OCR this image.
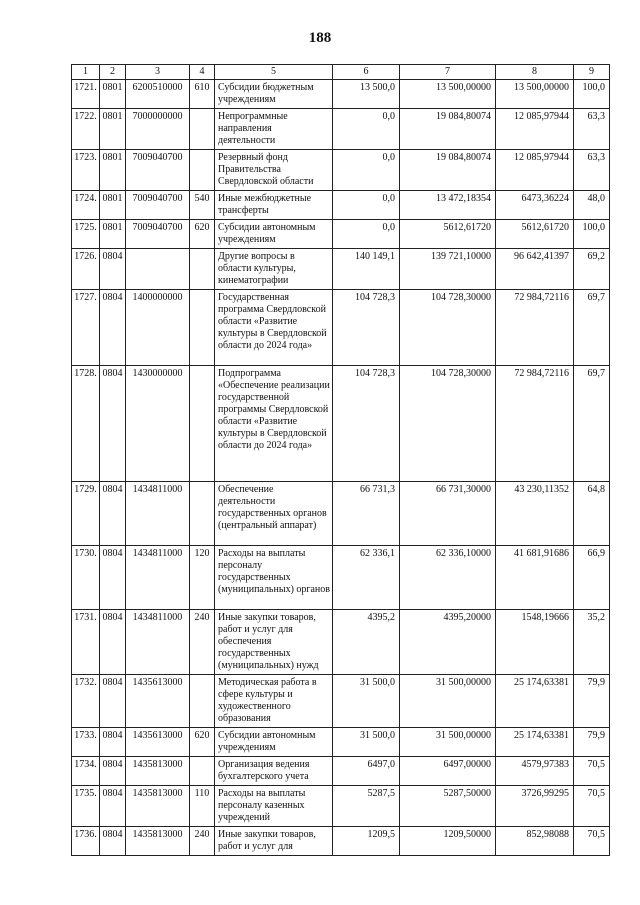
188
1	2	3	4	5	6	7	8	9
1721.	0801	6200510000	610	Субсидии бюджетным учреждениям	13 500,0	13 500,00000	13 500,00000	100,0
1722.	0801	7000000000		Непрограммные направления деятельности	0,0	19 084,80074	12 085,97944	63,3
1723.	0801	7009040700		Резервный фонд Правительства Свердловской области	0,0	19 084,80074	12 085,97944	63,3
1724.	0801	7009040700	540	Иные межбюджетные трансферты	0,0	13 472,18354	6473,36224	48,0
1725.	0801	7009040700	620	Субсидии автономным учреждениям	0,0	5612,61720	5612,61720	100,0
1726.	0804			Другие вопросы в области культуры, кинематографии	140 149,1	139 721,10000	96 642,41397	69,2
1727.	0804	1400000000		Государственная программа Свердловской области «Развитие культуры в Свердловской области до 2024 года»	104 728,3	104 728,30000	72 984,72116	69,7
1728.	0804	1430000000		Подпрограмма «Обеспечение реализации государственной программы Свердловской области «Развитие культуры в Свердловской области до 2024 года»	104 728,3	104 728,30000	72 984,72116	69,7
1729.	0804	1434811000		Обеспечение деятельности государственных органов (центральный аппарат)	66 731,3	66 731,30000	43 230,11352	64,8
1730.	0804	1434811000	120	Расходы на выплаты персоналу государственных (муниципальных) органов	62 336,1	62 336,10000	41 681,91686	66,9
1731.	0804	1434811000	240	Иные закупки товаров, работ и услуг для обеспечения государственных (муниципальных) нужд	4395,2	4395,20000	1548,19666	35,2
1732.	0804	1435613000		Методическая работа в сфере культуры и художественного образования	31 500,0	31 500,00000	25 174,63381	79,9
1733.	0804	1435613000	620	Субсидии автономным учреждениям	31 500,0	31 500,00000	25 174,63381	79,9
1734.	0804	1435813000		Организация ведения бухгалтерского учета	6497,0	6497,00000	4579,97383	70,5
1735.	0804	1435813000	110	Расходы на выплаты персоналу казенных учреждений	5287,5	5287,50000	3726,99295	70,5
1736.	0804	1435813000	240	Иные закупки товаров, работ и услуг для	1209,5	1209,50000	852,98088	70,5
